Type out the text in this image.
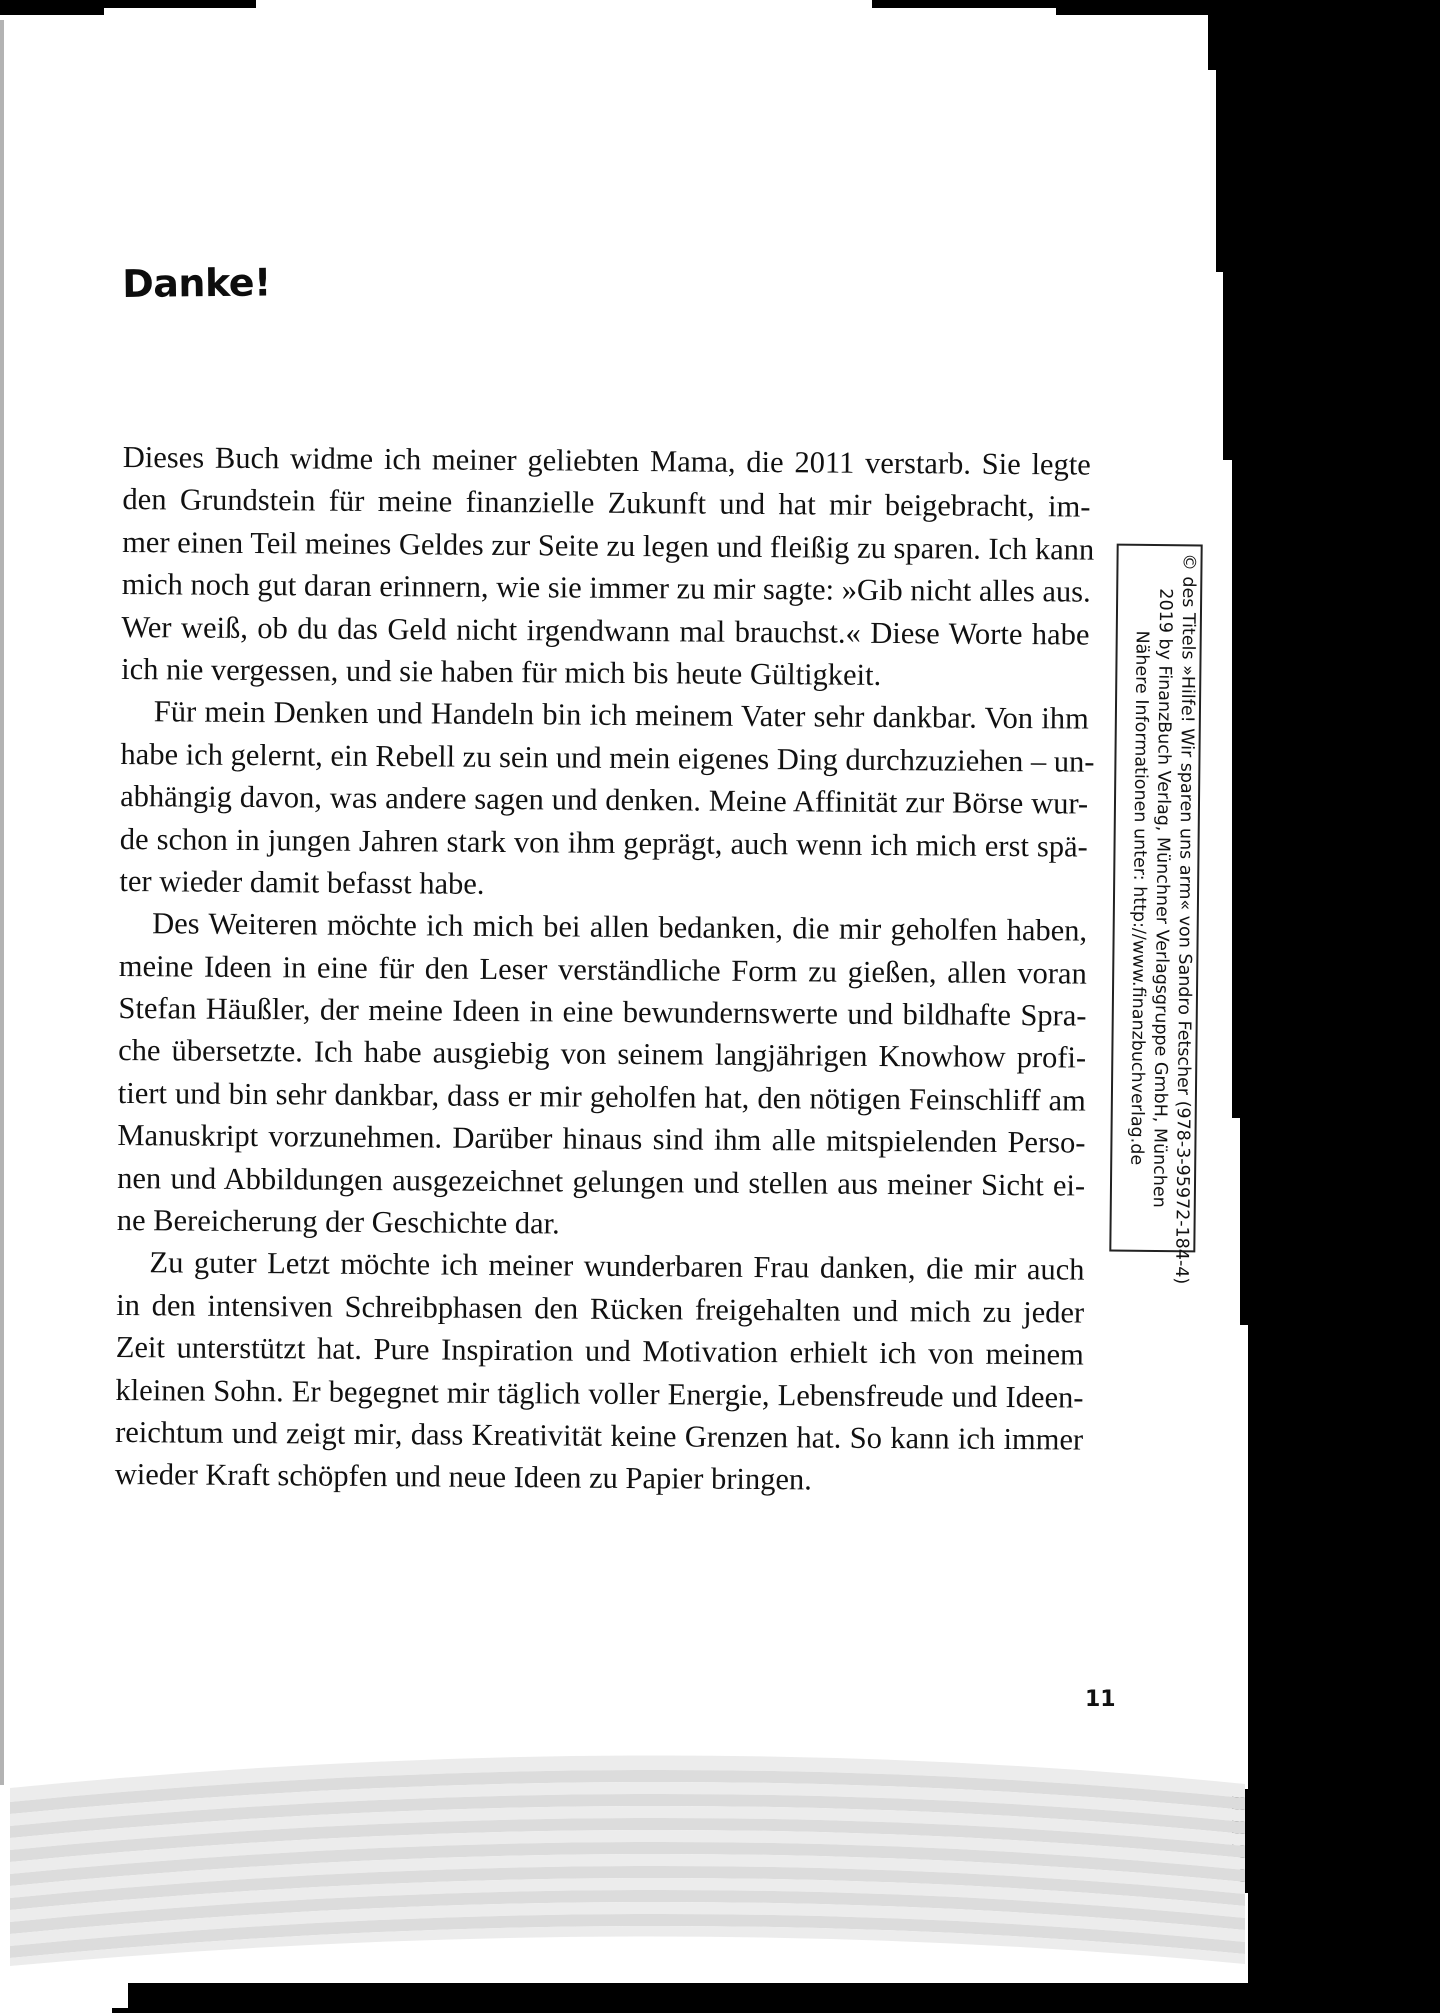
Danke!
Dieses Buch widme ich meiner geliebten Mama, die 2011 verstarb. Sie legte
den Grundstein für meine finanzielle Zukunft und hat mir beigebracht, im-
mer einen Teil meines Geldes zur Seite zu legen und fleißig zu sparen. Ich kann
mich noch gut daran erinnern, wie sie immer zu mir sagte: »Gib nicht alles aus.
Wer weiß, ob du das Geld nicht irgendwann mal brauchst.« Diese Worte habe
ich nie vergessen, und sie haben für mich bis heute Gültigkeit.
Für mein Denken und Handeln bin ich meinem Vater sehr dankbar. Von ihm
habe ich gelernt, ein Rebell zu sein und mein eigenes Ding durchzuziehen – un-
abhängig davon, was andere sagen und denken. Meine Affinität zur Börse wur-
de schon in jungen Jahren stark von ihm geprägt, auch wenn ich mich erst spä-
ter wieder damit befasst habe.
Des Weiteren möchte ich mich bei allen bedanken, die mir geholfen haben,
meine Ideen in eine für den Leser verständliche Form zu gießen, allen voran
Stefan Häußler, der meine Ideen in eine bewundernswerte und bildhafte Spra-
che übersetzte. Ich habe ausgiebig von seinem langjährigen Knowhow profi-
tiert und bin sehr dankbar, dass er mir geholfen hat, den nötigen Feinschliff am
Manuskript vorzunehmen. Darüber hinaus sind ihm alle mitspielenden Perso-
nen und Abbildungen ausgezeichnet gelungen und stellen aus meiner Sicht ei-
ne Bereicherung der Geschichte dar.
Zu guter Letzt möchte ich meiner wunderbaren Frau danken, die mir auch
in den intensiven Schreibphasen den Rücken freigehalten und mich zu jeder
Zeit unterstützt hat. Pure Inspiration und Motivation erhielt ich von meinem
kleinen Sohn. Er begegnet mir täglich voller Energie, Lebensfreude und Ideen-
reichtum und zeigt mir, dass Kreativität keine Grenzen hat. So kann ich immer
wieder Kraft schöpfen und neue Ideen zu Papier bringen.
© des Titels »Hilfe! Wir sparen uns arm« von Sandro Fetscher (978-3-95972-184-4)
2019 by FinanzBuch Verlag, Münchner Verlagsgruppe GmbH, München
Nähere Informationen unter: http://www.finanzbuchverlag.de
11
